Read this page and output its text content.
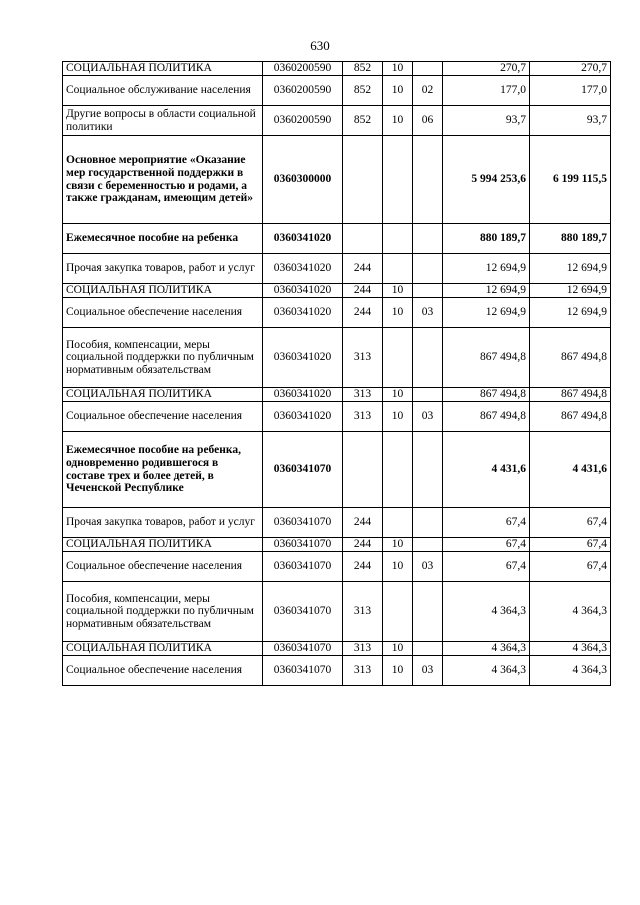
630
СОЦИАЛЬНАЯ ПОЛИТИКА	0360200590	852	10		270,7	270,7
Социальное обслуживание населения	0360200590	852	10	02	177,0	177,0
Другие вопросы в области социальной политики	0360200590	852	10	06	93,7	93,7
Основное мероприятие «Оказание мер государственной поддержки в связи с беременностью и родами, а также гражданам, имеющим детей»	0360300000				5 994 253,6	6 199 115,5
Ежемесячное пособие на ребенка	0360341020				880 189,7	880 189,7
Прочая закупка товаров, работ и услуг	0360341020	244			12 694,9	12 694,9
СОЦИАЛЬНАЯ ПОЛИТИКА	0360341020	244	10		12 694,9	12 694,9
Социальное обеспечение населения	0360341020	244	10	03	12 694,9	12 694,9
Пособия, компенсации, меры социальной поддержки по публичным нормативным обязательствам	0360341020	313			867 494,8	867 494,8
СОЦИАЛЬНАЯ ПОЛИТИКА	0360341020	313	10		867 494,8	867 494,8
Социальное обеспечение населения	0360341020	313	10	03	867 494,8	867 494,8
Ежемесячное пособие на ребенка, одновременно родившегося в составе трех и более детей, в Чеченской Республике	0360341070				4 431,6	4 431,6
Прочая закупка товаров, работ и услуг	0360341070	244			67,4	67,4
СОЦИАЛЬНАЯ ПОЛИТИКА	0360341070	244	10		67,4	67,4
Социальное обеспечение населения	0360341070	244	10	03	67,4	67,4
Пособия, компенсации, меры социальной поддержки по публичным нормативным обязательствам	0360341070	313			4 364,3	4 364,3
СОЦИАЛЬНАЯ ПОЛИТИКА	0360341070	313	10		4 364,3	4 364,3
Социальное обеспечение населения	0360341070	313	10	03	4 364,3	4 364,3
